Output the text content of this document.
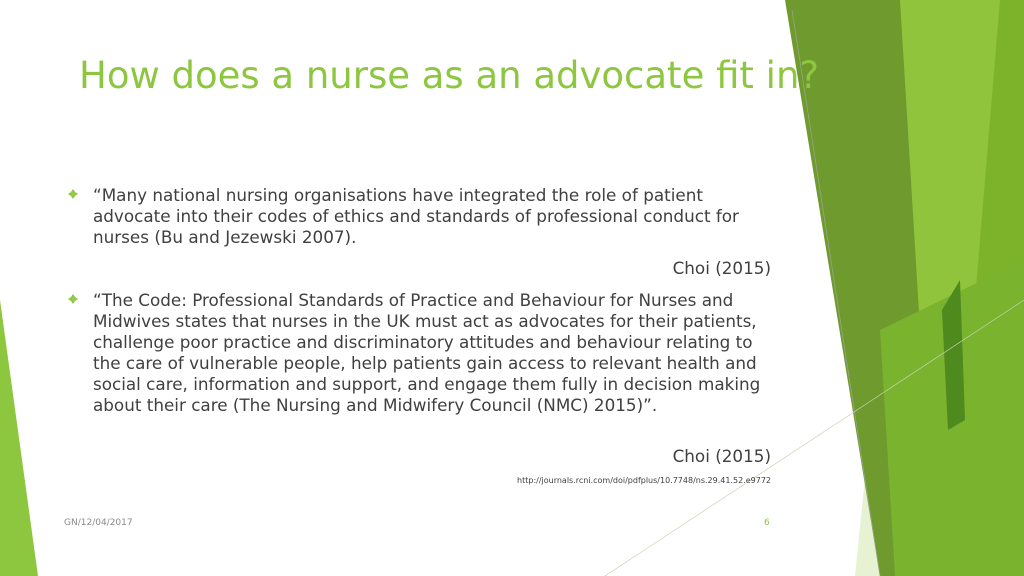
How does a nurse as an advocate fit in?
“Many national nursing organisations have integrated the role of patient advocate into their codes of ethics and standards of professional conduct for nurses (Bu and Jezewski 2007).
Choi (2015)
“The Code: Professional Standards of Practice and Behaviour for Nurses and Midwives states that nurses in the UK must act as advocates for their patients, challenge poor practice and discriminatory attitudes and behaviour relating to the care of vulnerable people, help patients gain access to relevant health and social care, information and support, and engage them fully in decision making about their care (The Nursing and Midwifery Council (NMC) 2015)”.
Choi (2015)
http://journals.rcni.com/doi/pdfplus/10.7748/ns.29.41.52.e9772
GN/12/04/2017	6
